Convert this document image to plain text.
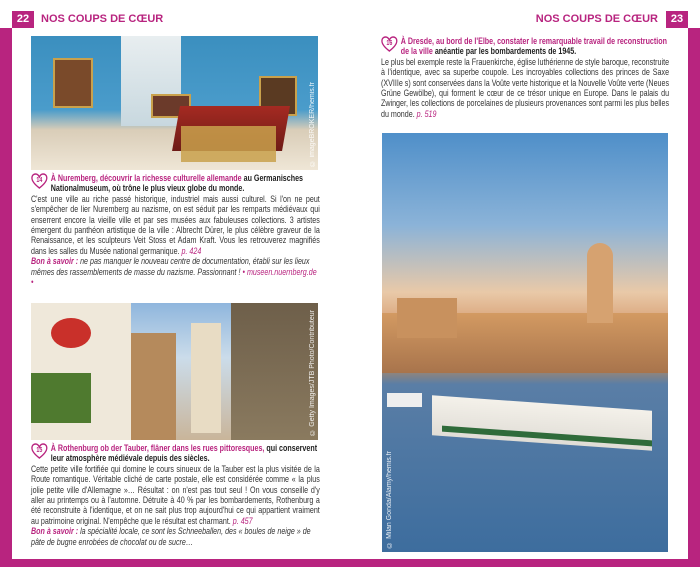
22	NOS COUPS DE CŒUR	NOS COUPS DE CŒUR	23
© imageBROKER/hemis.fr
14 À Nuremberg, découvrir la richesse culturelle allemande au Germanisches Nationalmuseum, où trône le plus vieux globe du monde.
C'est une ville au riche passé historique, industriel mais aussi culturel. Si l'on ne peut s'empêcher de lier Nuremberg au nazisme, on est séduit par les remparts médiévaux qui enserrent encore la vieille ville et par ses musées aux fabuleuses collections. 3 artistes émergent du panthéon artistique de la ville : Albrecht Dürer, le plus célèbre graveur de la Renaissance, et les sculpteurs Veit Stoss et Adam Kraft. Vous les retrouverez magnifiés dans les salles du Musée national germanique. p. 424
Bon à savoir : ne pas manquer le nouveau centre de documentation, établi sur les lieux mêmes des rassemblements de masse du nazisme. Passionnant ! • museen.nuernberg.de •
© Getty Images/JTB Photo/Contributeur
15 À Rothenburg ob der Tauber, flâner dans les rues pittoresques, qui conservent leur atmosphère médiévale depuis des siècles.
Cette petite ville fortifiée qui domine le cours sinueux de la Tauber est la plus visitée de la Route romantique. Véritable cliché de carte postale, elle est considérée comme « la plus jolie petite ville d'Allemagne »… Résultat : on n'est pas tout seul ! On vous conseille d'y aller au printemps ou à l'automne. Détruite à 40 % par les bombardements, Rothenburg a été reconstruite à l'identique, et on ne sait plus trop aujourd'hui ce qui appartient vraiment au patrimoine original. N'empêche que le résultat est charmant. p. 457
Bon à savoir : la spécialité locale, ce sont les Schneeballen, des « boules de neige » de pâte de bugne enrobées de chocolat ou de sucre…
16 À Dresde, au bord de l'Elbe, constater le remarquable travail de reconstruction de la ville anéantie par les bombardements de 1945.
Le plus bel exemple reste la Frauenkirche, église luthérienne de style baroque, reconstruite à l'identique, avec sa superbe coupole. Les incroyables collections des princes de Saxe (XVIIIe s) sont conservées dans la Voûte verte historique et la Nouvelle Voûte verte (Neues Grüne Gewölbe), qui forment le cœur de ce trésor unique en Europe. Dans le palais du Zwinger, les collections de porcelaines de plusieurs provenances sont parmi les plus belles du monde. p. 519
© Milan Gonda/Alamy/hemis.fr
